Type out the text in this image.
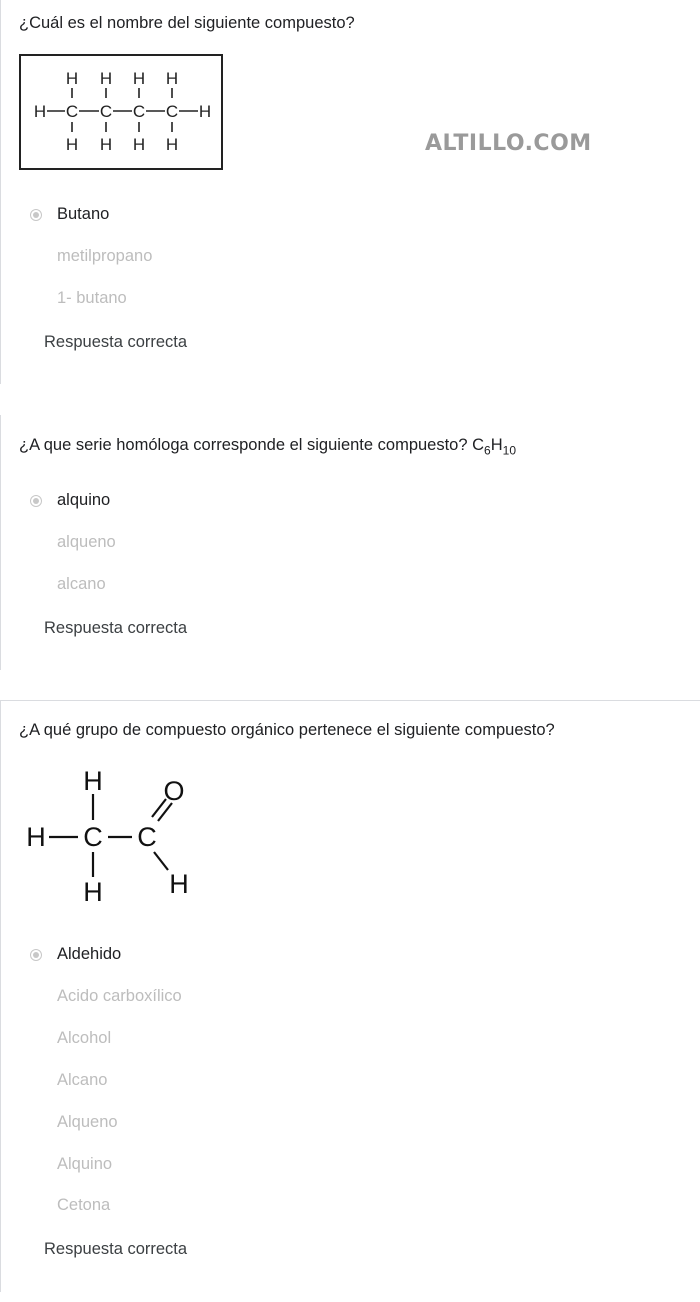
¿Cuál es el nombre del siguiente compuesto?
H H H H
H C C C C H
H H H H	ALTILLO.COM
Butano
metilpropano
1- butano
Respuesta correcta
¿A que serie homóloga corresponde el siguiente compuesto? $C_6H_{10}$
alquino
alqueno
alcano
Respuesta correcta
¿A qué grupo de compuesto orgánico pertenece el siguiente compuesto?
H
H C C
O
H
H
Aldehido
Acido carboxílico
Alcohol
Alcano
Alqueno
Alquino
Cetona
Respuesta correcta
